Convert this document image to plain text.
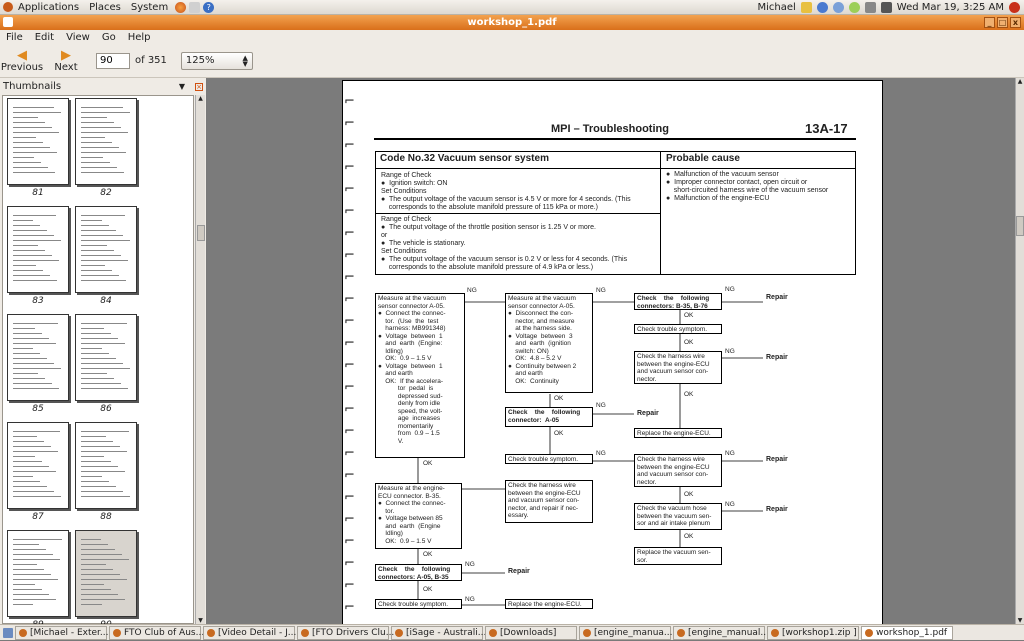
Applications	Places	System	?	Michael	Wed Mar 19, 3:25 AM
workshop_1.pdf	_ □ x
File	Edit	View	Go	Help
◀
Previous
▶
Next
90
of 351 125%	▲
▼
Thumbnails	▼ ×
81	82
83	84
85	86
87	88
▲
▼
⌐
⌐
⌐
⌐
⌐
⌐
⌐
⌐
⌐
⌐
⌐
⌐
⌐
⌐
⌐
⌐
⌐
⌐
⌐
⌐
⌐
⌐
⌐
⌐
MPI – Troubleshooting	13A-17
Code No.32 Vacuum sensor system	Probable cause
Range of Check
●  Ignition switch: ON
Set Conditions
●  The output voltage of the vacuum sensor is 4.5 V or more for 4 seconds. (This
corresponds to the absolute manifold pressure of 115 kPa or more.)
Range of Check
●  The output voltage of the throttle position sensor is 1.25 V or more.
or
●  The vehicle is stationary.
Set Conditions
●  The output voltage of the vacuum sensor is 0.2 V or less for 4 seconds. (This
corresponds to the absolute manifold pressure of 4.9 kPa or less.)
●  Malfunction of the vacuum sensor
●  Improper connector contact, open circuit or
short-circuited harness wire of the vacuum sensor
●  Malfunction of the engine-ECU
Measure at the vacuum
sensor connector A-05.
●  Connect the connec-
tor.  (Use  the  test
harness: MB991348)
●  Voltage  between  1
and  earth  (Engine:
Idling)
OK:  0.9 – 1.5 V
●  Voltage  between  1
and earth
OK:  If the accelera-
tor  pedal  is
depressed sud-
denly from idle
speed, the volt-
age  increases
momentarily
from  0.9 – 1.5
V.
Measure at the vacuum
sensor connector A-05.
●  Disconnect the con-
nector, and measure
at the harness side.
●  Voltage  between  3
and  earth  (ignition
switch: ON)
OK:  4.8 – 5.2 V
●  Continuity between 2
and earth
OK:  Continuity
Check    the    following
connectors: B-35, B-76
Check trouble symptom.
Check the harness wire
between the engine-ECU
and vacuum sensor con-
nector.
Replace the engine-ECU.
Check    the    following
connector:  A-05
Check trouble symptom.	Check the harness wire
between the engine-ECU
and vacuum sensor con-
nector.
Check the vacuum hose
between the vacuum sen-
sor and air intake plenum
Replace the vacuum sen-
sor.
Measure at the engine-
ECU connector. B-35.
●  Connect the connec-
tor.
●  Voltage between 85
and  earth  (Engine
Idling)
OK:  0.9 – 1.5 V
Check the harness wire
between the engine-ECU
and vacuum sensor con-
nector, and repair if nec-
essary.
Check    the    following
connectors: A-05, B-35
Check trouble symptom.	Replace the engine-ECU.
NG	NG	NG
Repair
OK
OK
NG
Repair
OK
OK
NG
Repair
OK
NG	NG
Repair
OK
NG
Repair
OK
OK
OK
NG
Repair
OK
NG
▲
▼
[Michael - Exter... FTO Club of Aus... [Video Detail - J... [FTO Drivers Clu... [iSage - Australi... [Downloads]	[engine_manua... [engine_manual... [workshop1.zip ] workshop_1.pdf
